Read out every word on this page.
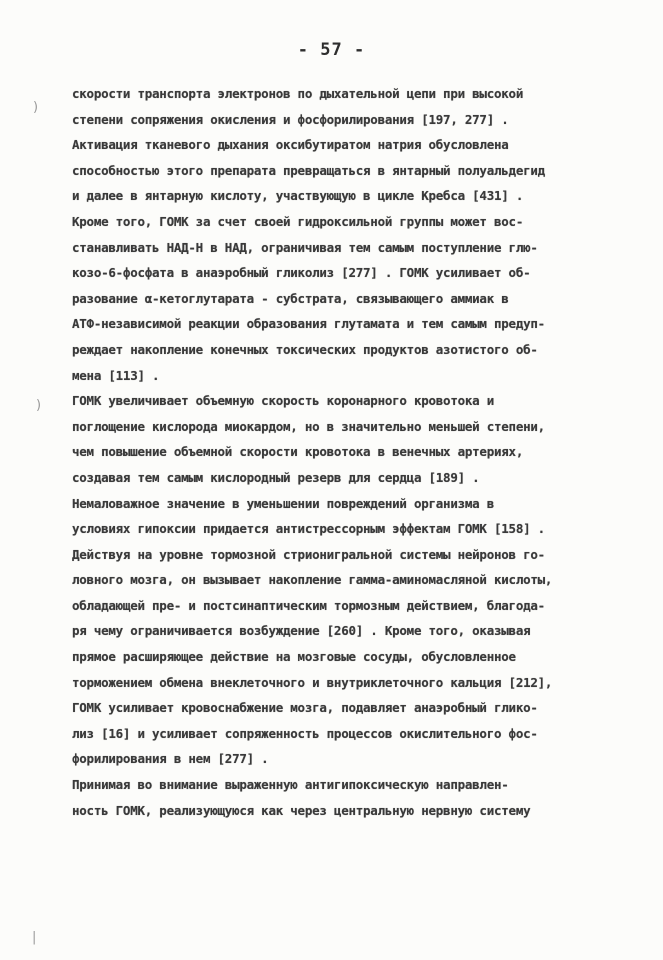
- 57 -
)
)
|
скорости транспорта электронов по дыхательной цепи при высокой
степени сопряжения окисления и фосфорилирования [197, 277] .
Активация тканевого дыхания оксибутиратом натрия обусловлена
способностью этого препарата превращаться в янтарный полуальдегид
и далее в янтарную кислоту, участвующую в цикле Кребса [431] .
Кроме того, ГОМК за счет своей гидроксильной группы может вос-
станавливать НАД-Н в НАД, ограничивая тем самым поступление глю-
козо-6-фосфата в анаэробный гликолиз [277] . ГОМК усиливает об-
разование α-кетоглутарата - субстрата, связывающего аммиак в
АТФ-независимой реакции образования глутамата и тем самым предуп-
реждает накопление конечных токсических продуктов азотистого об-
мена [113] .
ГОМК увеличивает объемную скорость коронарного кровотока и
поглощение кислорода миокардом, но в значительно меньшей степени,
чем повышение объемной скорости кровотока в венечных артериях,
создавая тем самым кислородный резерв для сердца [189] .
Немаловажное значение в уменьшении повреждений организма в
условиях гипоксии придается антистрессорным эффектам ГОМК [158] .
Действуя на уровне тормозной стрионигральной системы нейронов го-
ловного мозга, он вызывает накопление гамма-аминомасляной кислоты,
обладающей пре- и постсинаптическим тормозным действием, благода-
ря чему ограничивается возбуждение [260] . Кроме того, оказывая
прямое расширяющее действие на мозговые сосуды, обусловленное
торможением обмена внеклеточного и внутриклеточного кальция [212],
ГОМК усиливает кровоснабжение мозга, подавляет анаэробный глико-
лиз [16] и усиливает сопряженность процессов окислительного фос-
форилирования в нем [277] .
Принимая во внимание выраженную антигипоксическую направлен-
ность ГОМК, реализующуюся как через центральную нервную систему
